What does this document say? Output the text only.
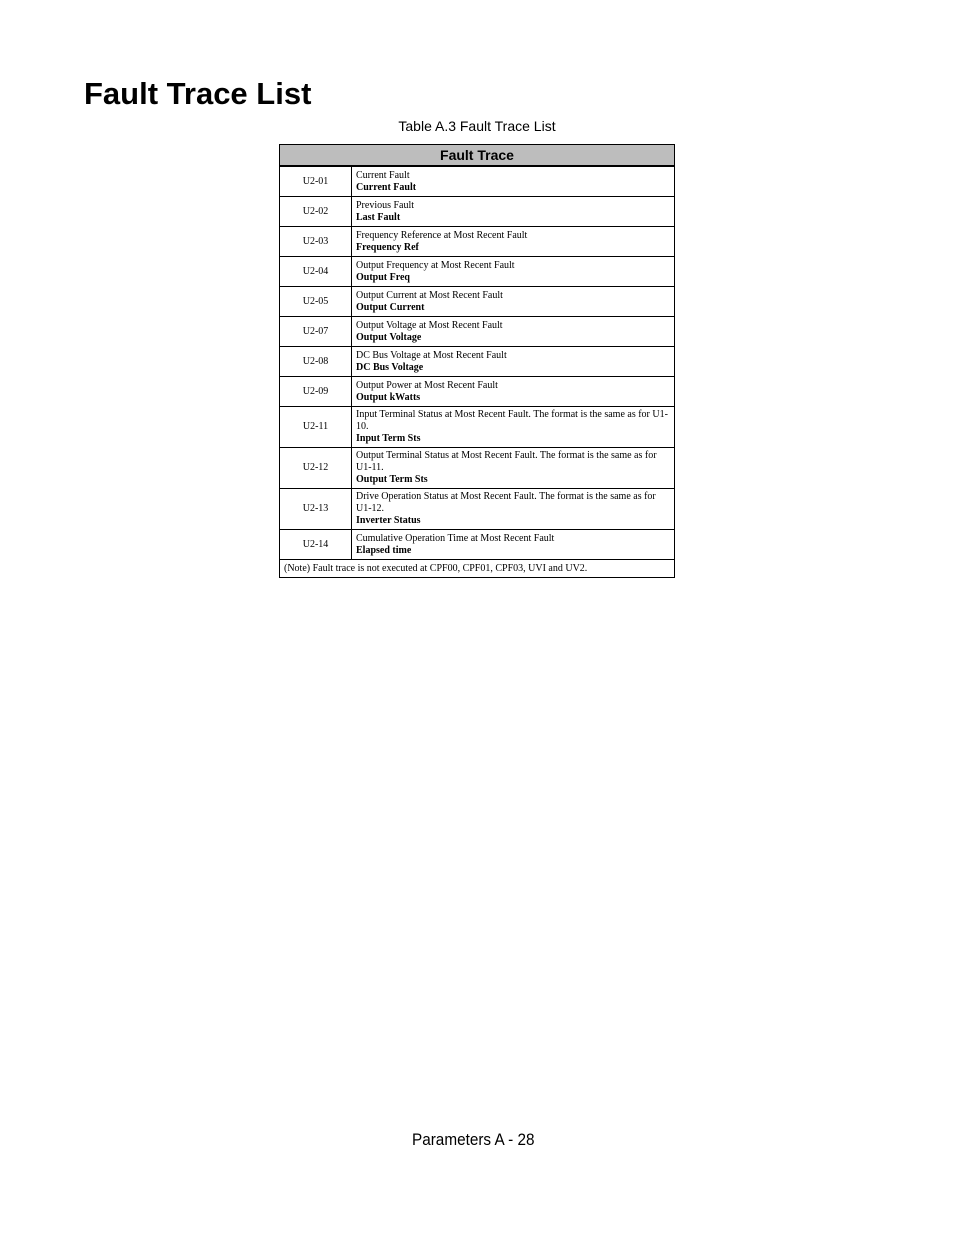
Fault Trace List
Table A.3 Fault Trace List
Fault Trace	
U2-01	Current Fault
Current Fault

U2-02	Previous Fault
Last Fault

U2-03	Frequency Reference at Most Recent Fault
Frequency Ref

U2-04	Output Frequency at Most Recent Fault
Output Freq

U2-05	Output Current at Most Recent Fault
Output Current

U2-07	Output Voltage at Most Recent Fault
Output Voltage

U2-08	DC Bus Voltage at Most Recent Fault
DC Bus Voltage

U2-09	Output Power at Most Recent Fault
Output kWatts

U2-11	Input Terminal Status at Most Recent Fault. The format is the same as for U1-10.
Input Term Sts

U2-12	Output Terminal Status at Most Recent Fault. The format is the same as for U1-11.
Output Term Sts

U2-13	Drive Operation Status at Most Recent Fault. The format is the same as for U1-12.
Inverter Status

U2-14	Cumulative Operation Time at Most Recent Fault
Elapsed time

(Note) Fault trace is not executed at CPF00, CPF01, CPF03, UVI and UV2.	
Parameters A - 28
